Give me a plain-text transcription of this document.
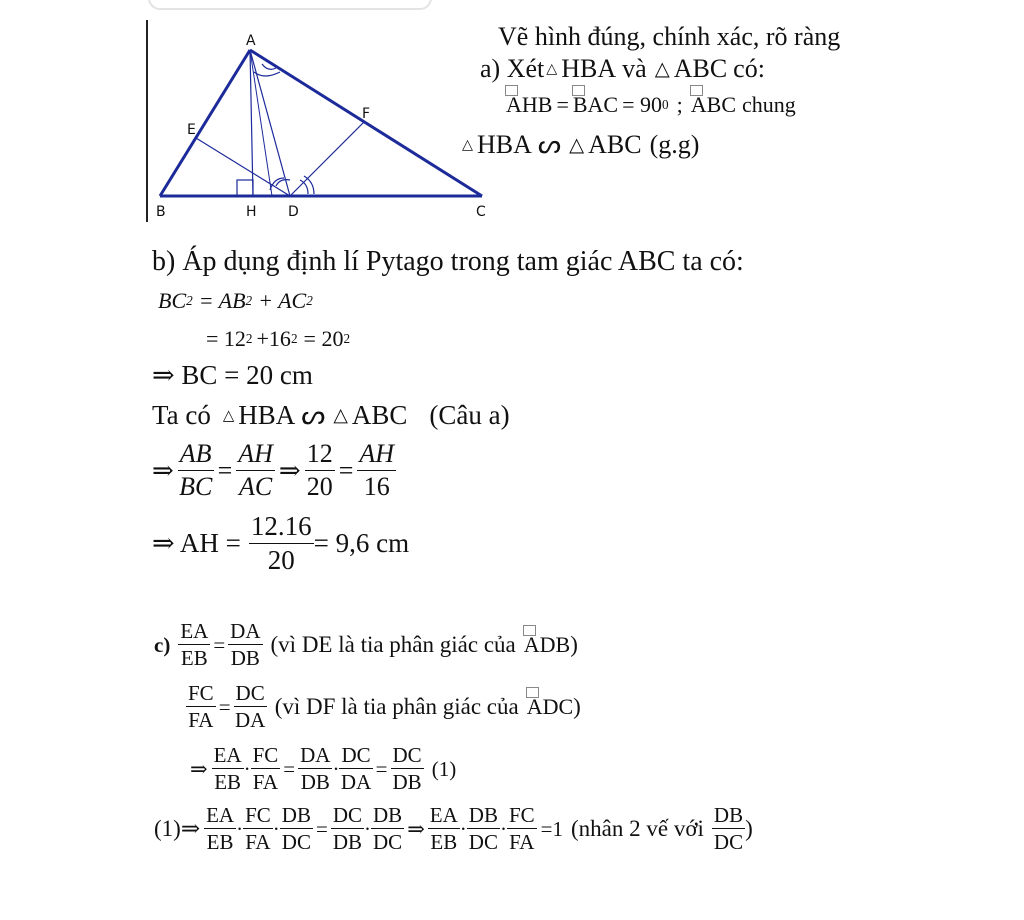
A
B	C
E
F
H D
Vẽ hình đúng, chính xác, rõ ràng
a) Xét △ HBA và △ ABC có:
AHB = BAC = 90 0 ; ABC chung
△ HBA ᔕ △ ABC (g.g)
b) Áp dụng định lí Pytago trong tam giác ABC ta có:
BC 2 = AB 2 + AC 2
= 12 2 +16 2 = 20 2
⇒ BC = 20 cm
Ta có △ HBA ᔕ △ ABC (Câu a)
⇒ $\frac{AB}{BC} = \frac{AH}{AC}$ ⇒ $\frac{12}{20} = \frac{AH}{16}$
⇒ AH = $\frac{12.16}{20} = 9,6$ cm
$c) \frac{EA}{EB} = \frac{DA}{DB}$ (vì DE là tia phân giác của ADB )
$\frac{FC}{FA} = \frac{DC}{DA}$ (vì DF là tia phân giác của ADC )
⇒ $\frac{EA}{EB} \cdot \frac{FC}{FA} = \frac{DA}{DB} \cdot \frac{DC}{DA} = \frac{DC}{DB} (1)$
(1)⇒ $\frac{EA}{EB} \cdot \frac{FC}{FA} \cdot \frac{DB}{DC} = \frac{DC}{DB} \cdot \frac{DB}{DC}$ ⇒ $\frac{EA}{EB} \cdot \frac{DB}{DC} \cdot \frac{FC}{FA} =1$ (nhân 2 vế với $\frac{DB}{DC}$ )
